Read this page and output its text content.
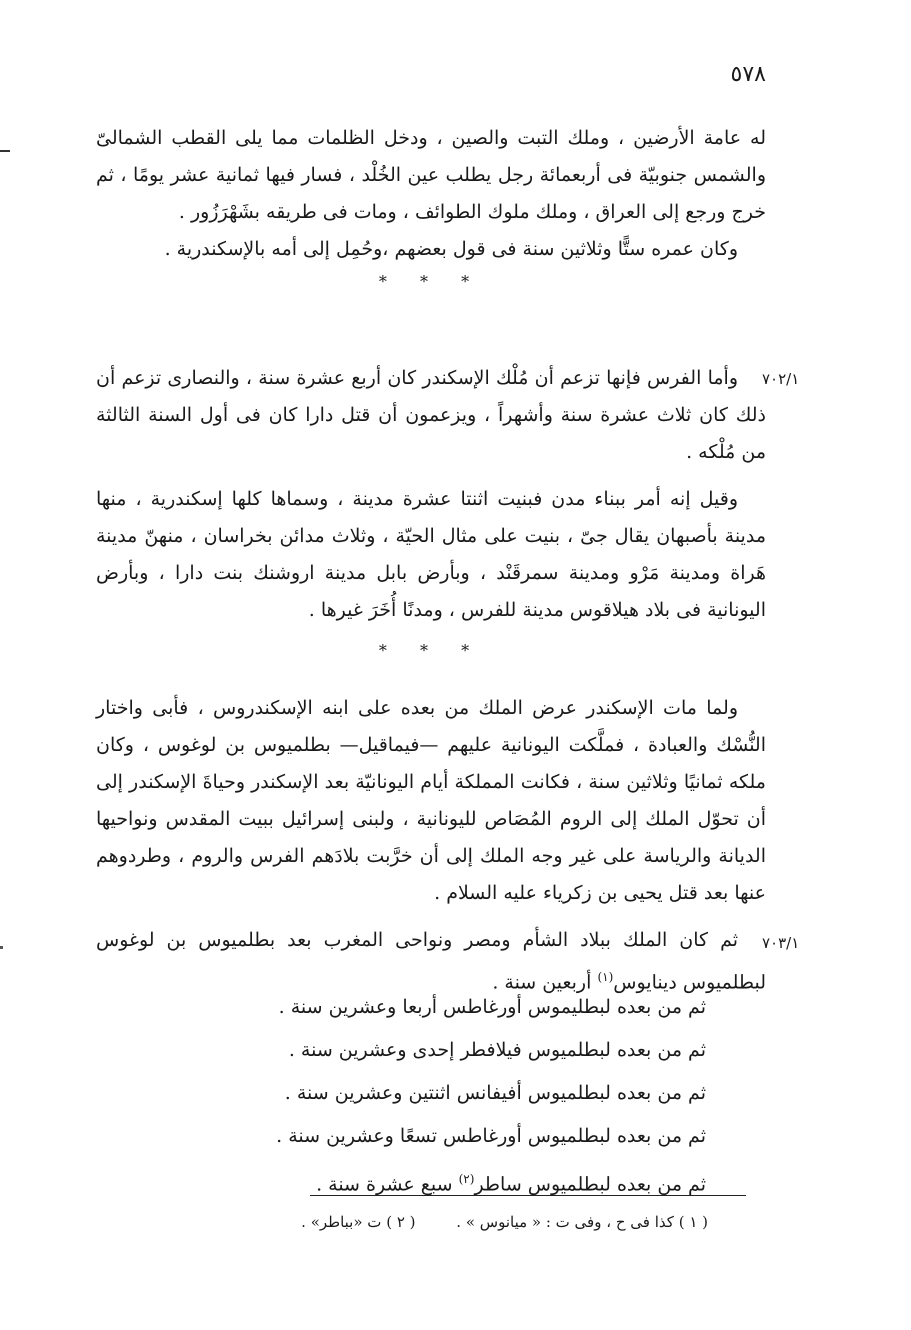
٥٧٨

له عامة الأرضين ، وملك التبت والصين ، ودخل الظلمات مما يلى القطب الشمالىّ والشمس جنوبيّة فى أربعمائة رجل يطلب عين الخُلْد ، فسار فيها ثمانية عشر يومًا ، ثم خرج ورجع إلى العراق ، وملك ملوك الطوائف ، ومات فى طريقه بشَهْرَزُور .

وكان عمره ستًّا وثلاثين سنة فى قول بعضهم ،وحُمِل إلى أمه بالإسكندرية .

* * *
٧٠٢/١

وأما الفرس فإنها تزعم أن مُلْك الإسكندر كان أربع عشرة سنة ، والنصارى تزعم أن ذلك كان ثلاث عشرة سنة وأشهراً ، ويزعمون أن قتل دارا كان فى أول السنة الثالثة من مُلْكه .

وقيل إنه أمر ببناء مدن فبنيت اثنتا عشرة مدينة ، وسماها كلها إسكندرية ، منها مدينة بأصبهان يقال جىّ ، بنيت على مثال الحيّة ، وثلاث مدائن بخراسان ، منهنّ مدينة هَراة ومدينة مَرْو ومدينة سمرقَنْد ، وبأرض بابل مدينة اروشنك بنت دارا ، وبأرض اليونانية فى بلاد هيلاقوس مدينة للفرس ، ومدنًا أُخَرَ غيرها .

* * *

ولما مات الإسكندر عرض الملك من بعده على ابنه الإسكندروس ، فأبى واختار النُّسْك والعبادة ، فملَّكت اليونانية عليهم —فيماقيل— بطلميوس بن لوغوس ، وكان ملكه ثمانيًا وثلاثين سنة ، فكانت المملكة أيام اليونانيّة بعد الإسكندر وحياةَ الإسكندر إلى أن تحوّل الملك إلى الروم المُصَاص لليونانية ، ولبنى إسرائيل ببيت المقدس ونواحيها الديانة والرياسة على غير وجه الملك إلى أن خرَّبت بلادَهم الفرس والروم ، وطردوهم عنها بعد قتل يحيى بن زكرياء عليه السلام .

٧٠٣/١

ثم كان الملك ببلاد الشأم ومصر ونواحى المغرب بعد بطلميوس بن لوغوس لبطلميوس دينايوس$^{(١)}$ أربعين سنة .

ثم من بعده لبطليموس أورغاطس أربعا وعشرين سنة .
ثم من بعده لبطلميوس فيلافطر إحدى وعشرين سنة .
ثم من بعده لبطلميوس أفيفانس اثنتين وعشرين سنة .
ثم من بعده لبطلميوس أورغاطس تسعًا وعشرين سنة .
ثم من بعده لبطلميوس ساطر$^{(٢)}$ سبع عشرة سنة .
( ١ ) كذا فى ح ، وفى ت : « ميانوس » . ( ٢ ) ت «بباطر» .
